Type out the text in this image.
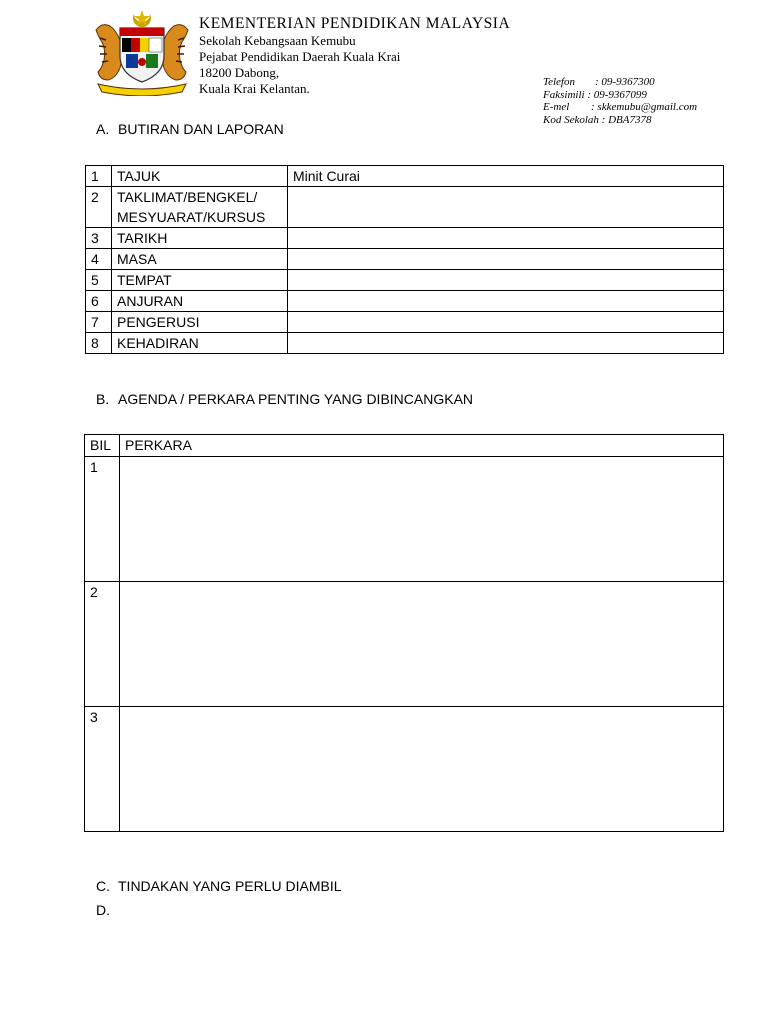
KEMENTERIAN PENDIDIKAN MALAYSIA
Sekolah Kebangsaan Kemubu
Pejabat Pendidikan Daerah Kuala Krai
18200 Dabong,
Kuala Krai Kelantan.	Telefon : 09-9367300
Faksimili : 09-9367099
E-mel : skkemubu@gmail.com
Kod Sekolah : DBA7378
A. BUTIRAN DAN LAPORAN
1	TAJUK	Minit Curai
2	TAKLIMAT/BENGKEL/ MESYUARAT/KURSUS	
3	TARIKH	
4	MASA	
5	TEMPAT	
6	ANJURAN	
7	PENGERUSI	
8	KEHADIRAN	
B. AGENDA / PERKARA PENTING YANG DIBINCANGKAN
BIL	PERKARA
1	
2	
3	
C. TINDAKAN YANG PERLU DIAMBIL
D.
